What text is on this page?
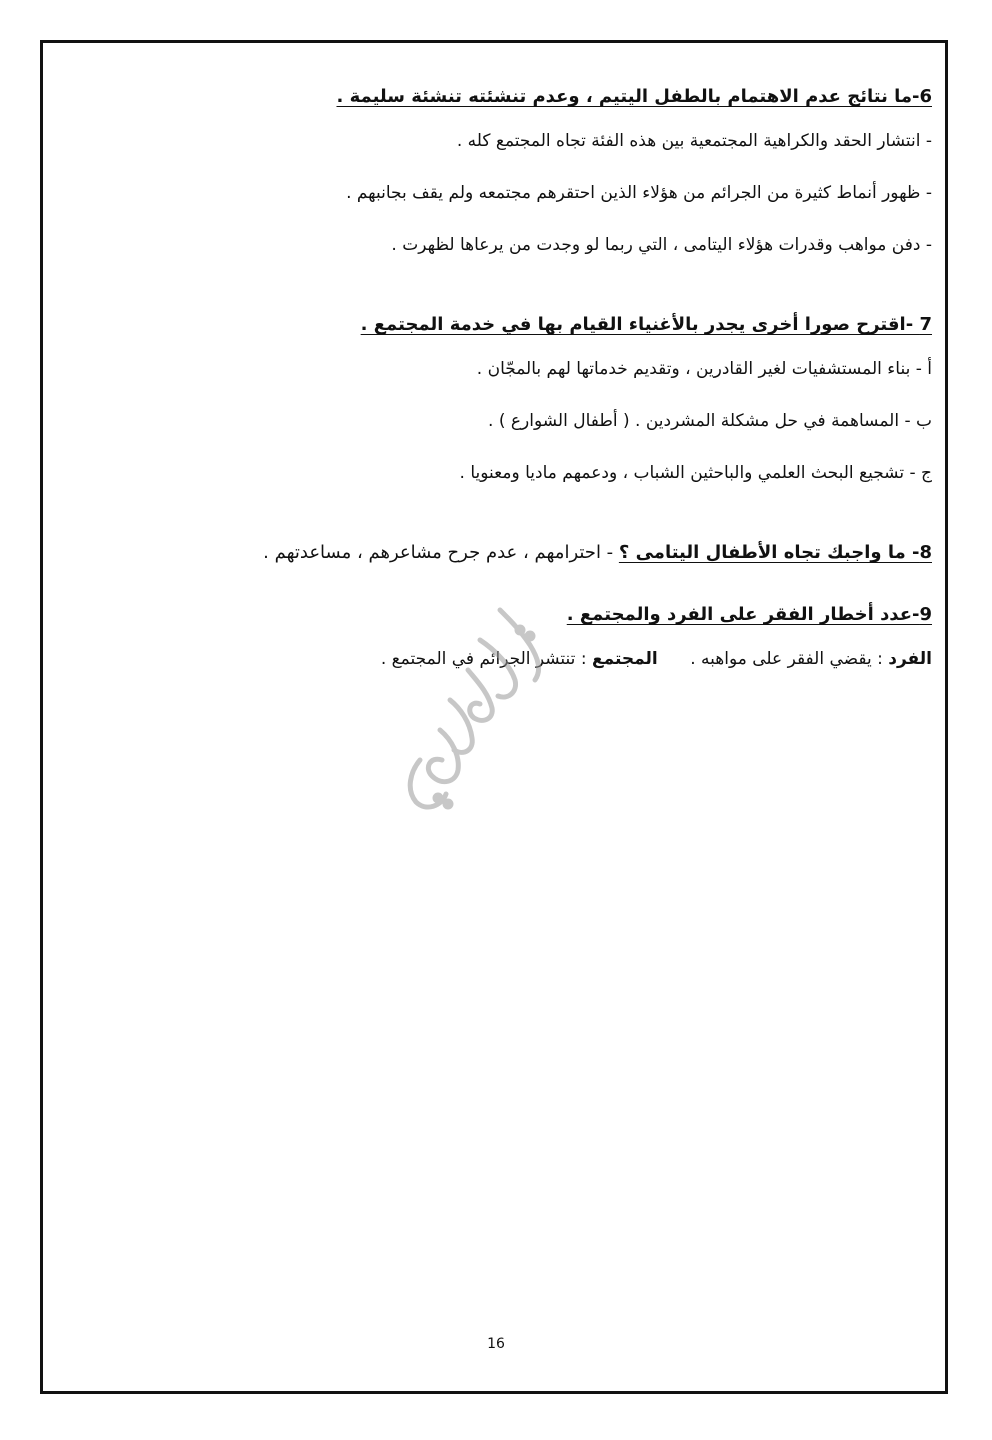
6-ما نتائج عدم الاهتمام بالطفل اليتيم ، وعدم تنشئته تنشئة سليمة .
- انتشار الحقد والكراهية المجتمعية بين هذه الفئة تجاه المجتمع كله .
- ظهور أنماط كثيرة من الجرائم من هؤلاء الذين احتقرهم مجتمعه ولم يقف بجانبهم .
- دفن مواهب وقدرات هؤلاء اليتامى ، التي ربما لو وجدت من يرعاها لظهرت .
7 -اقترح صورا أخرى يجدر بالأغنياء القيام بها في خدمة المجتمع .
أ - بناء المستشفيات لغير القادرين ، وتقديم خدماتها لهم بالمجّان .
ب - المساهمة في حل مشكلة المشردين . ( أطفال الشوارع ) .
ج - تشجيع البحث العلمي والباحثين الشباب ، ودعمهم ماديا ومعنويا .
8- ما واجبك تجاه الأطفال اليتامى ؟ - احترامهم ، عدم جرح مشاعرهم ، مساعدتهم .
9-عدد أخطار الفقر على الفرد والمجتمع .
الفرد : يقضي الفقر على مواهبه .      المجتمع : تنتشر الجرائم في المجتمع .
16
